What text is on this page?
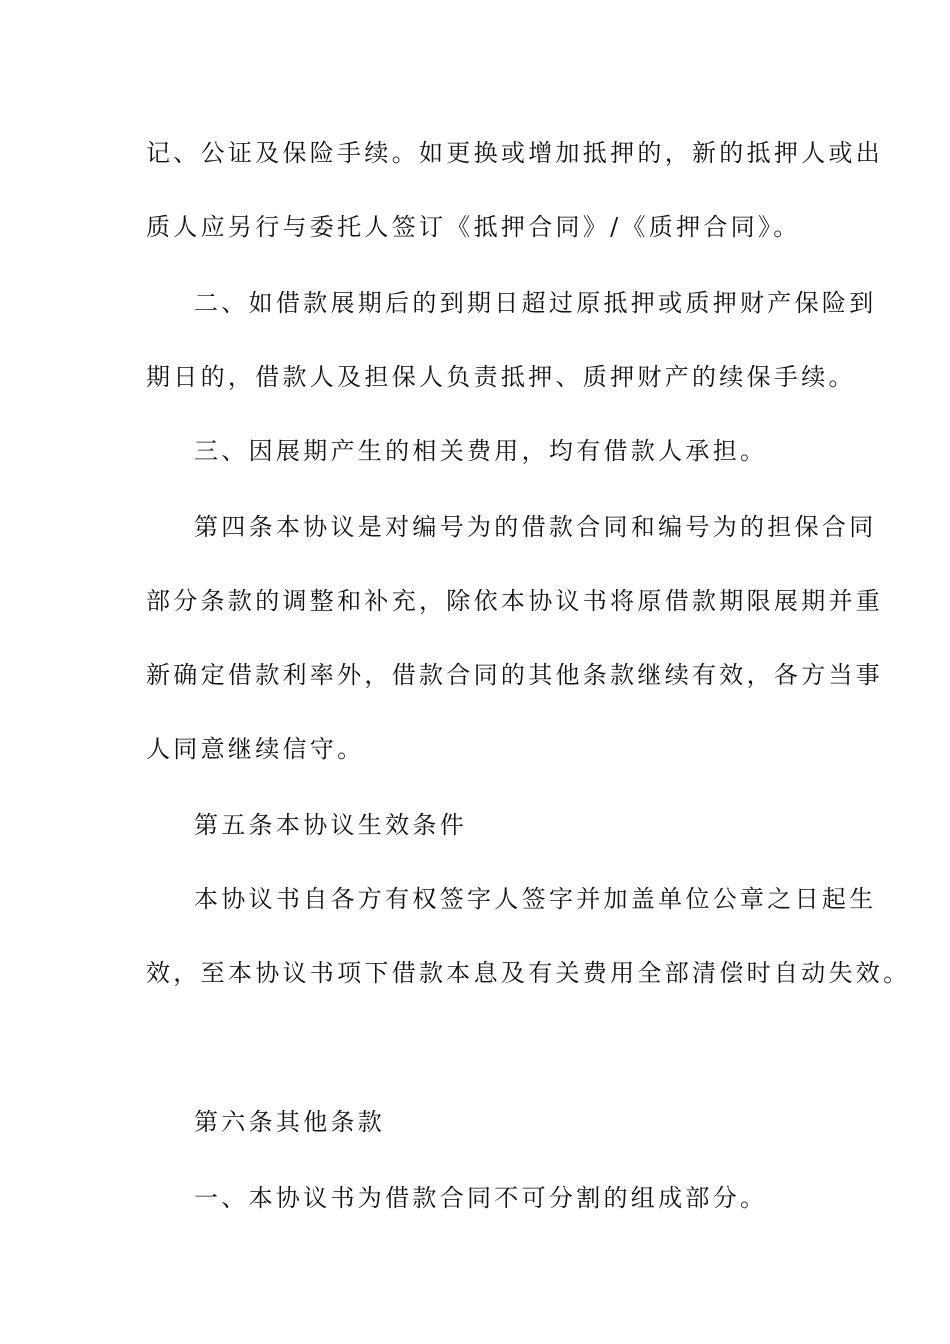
记、公证及保险手续。如更换或增加抵押的，新的抵押人或出
质人应另行与委托人签订《抵押合同》/《质押合同》。
二、如借款展期后的到期日超过原抵押或质押财产保险到
期日的，借款人及担保人负责抵押、质押财产的续保手续。
三、因展期产生的相关费用，均有借款人承担。
第四条本协议是对编号为的借款合同和编号为的担保合同
部分条款的调整和补充，除依本协议书将原借款期限展期并重
新确定借款利率外，借款合同的其他条款继续有效，各方当事
人同意继续信守。
第五条本协议生效条件
本协议书自各方有权签字人签字并加盖单位公章之日起生
效，至本协议书项下借款本息及有关费用全部清偿时自动失效。
第六条其他条款
一、本协议书为借款合同不可分割的组成部分。
